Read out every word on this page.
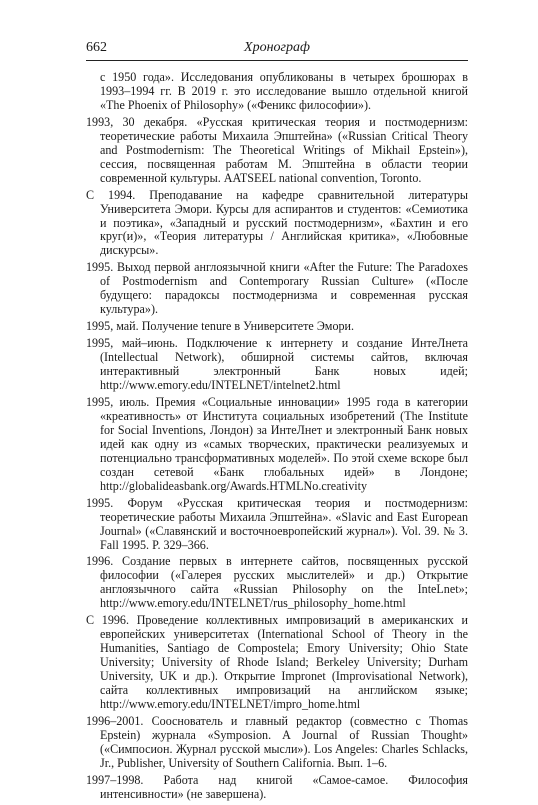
662	Хронограф

с 1950 года». Исследования опубликованы в четырех брошюрах в 1993–1994 гг. В 2019 г. это исследование вышло отдельной книгой «The Phoenix of Philosophy» («Феникс философии»).

1993, 30 декабря. «Русская критическая теория и постмодернизм: теоретические работы Михаила Эпштейна» («Russian Critical Theory and Postmodernism: The Theoretical Writings of Mikhail Epstein»), сессия, посвященная работам М. Эпштейна в области теории современной культуры. AATSEEL national convention, Toronto.

С 1994. Преподавание на кафедре сравнительной литературы Университета Эмори. Курсы для аспирантов и студентов: «Семиотика и поэтика», «Западный и русский постмодернизм», «Бахтин и его круг(и)», «Теория литературы / Английская критика», «Любовные дискурсы».

1995. Выход первой англоязычной книги «After the Future: The Paradoxes of Postmodernism and Contemporary Russian Culture» («После будущего: парадоксы постмодернизма и современная русская культура»).

1995, май. Получение tenure в Университете Эмори.

1995, май–июнь. Подключение к интернету и создание ИнтеЛнета (Intellectual Network), обширной системы сайтов, включая интерактивный электронный Банк новых идей; http://www.emory.edu/INTELNET/intelnet2.html

1995, июль. Премия «Социальные инновации» 1995 года в категории «креативность» от Института социальных изобретений (The Institute for Social Inventions, Лондон) за ИнтеЛнет и электронный Банк новых идей как одну из «самых творческих, практически реализуемых и потенциально трансформативных моделей». По этой схеме вскоре был создан сетевой «Банк глобальных идей» в Лондоне; http://globalideasbank.org/Awards.HTMLNo.creativity

1995. Форум «Русская критическая теория и постмодернизм: теоретические работы Михаила Эпштейна». «Slavic and East European Journal» («Славянский и восточноевропейский журнал»). Vol. 39. № 3. Fall 1995. P. 329–366.

1996. Создание первых в интернете сайтов, посвященных русской философии («Галерея русских мыслителей» и др.) Открытие англоязычного сайта «Russian Philosophy on the InteLnet»; http://www.emory.edu/INTELNET/rus_philosophy_home.html

С 1996. Проведение коллективных импровизаций в американских и европейских университетах (International School of Theory in the Humanities, Santiago de Compostela; Emory University; Ohio State University; University of Rhode Island; Berkeley University; Durham University, UK и др.). Открытие Impronet (Improvisational Network), сайта коллективных импровизаций на английском языке; http://www.emory.edu/INTELNET/impro_home.html

1996–2001. Сооснователь и главный редактор (совместно с Thomas Epstein) журнала «Symposion. A Journal of Russian Thought» («Симпосион. Журнал русской мысли»). Los Angeles: Charles Schlacks, Jr., Publisher, University of Southern California. Вып. 1–6.

1997–1998. Работа над книгой «Самое-самое. Философия интенсивности» (не завершена).
